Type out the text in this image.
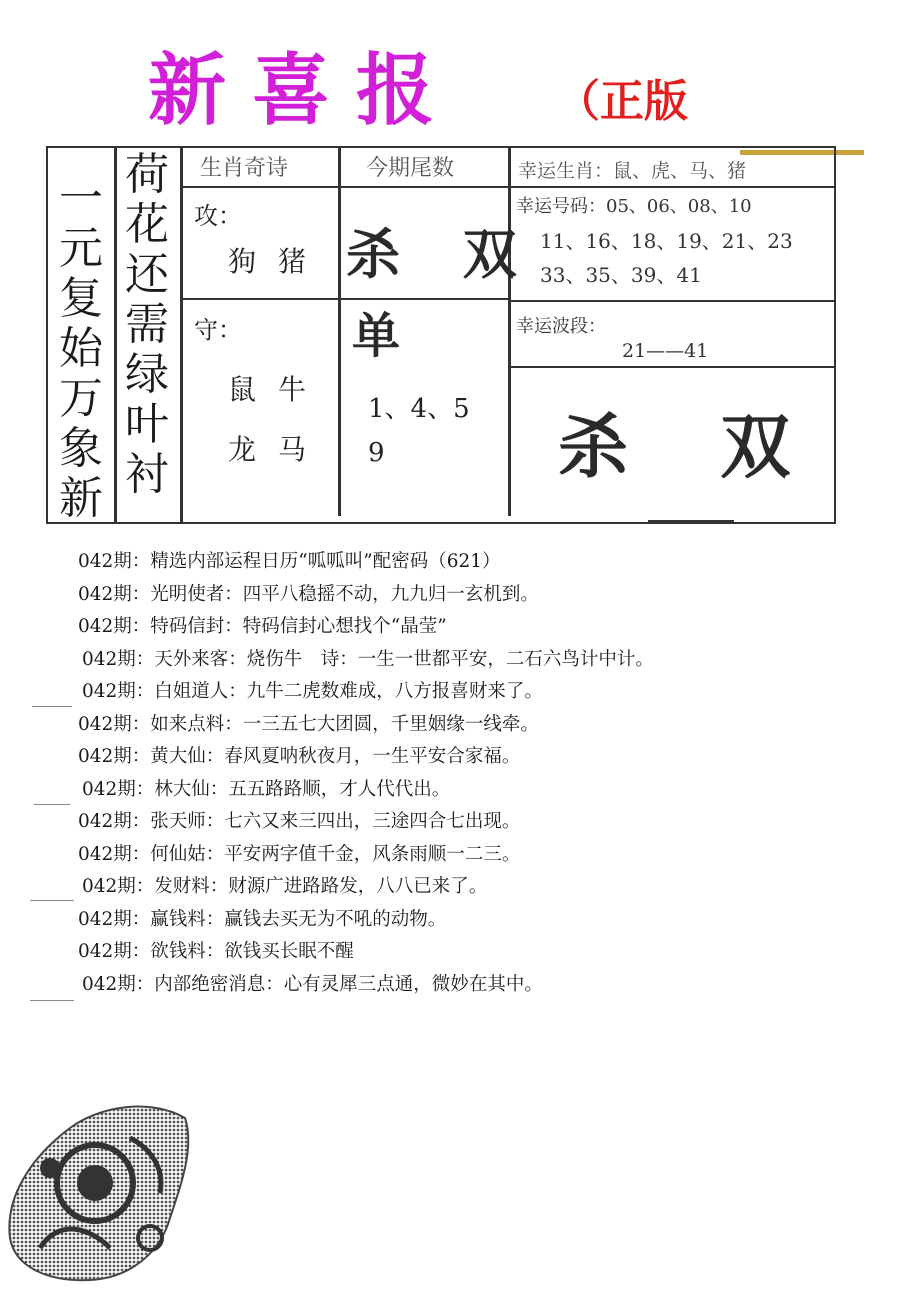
新喜报 （正版
一
元
复
始
万
象
新
荷
花
还
需
绿
叶
衬
生肖奇诗	今期尾数	幸运生肖：鼠、虎、马、猪
攻：
狗猪 杀 双
幸运号码：05、06、08、10
11、16、18、19、21、23
33、35、39、41
守：
鼠牛
龙马
单
1、4、5
9
幸运波段：
21——41
杀 双
042期：精选内部运程日历“呱呱叫”配密码（621）
042期：光明使者：四平八稳摇不动，九九归一玄机到。
042期：特码信封：特码信封心想找个“晶莹”
042期：天外来客：烧伤牛　诗：一生一世都平安，二石六鸟计中计。
042期：白姐道人：九牛二虎数难成，八方报喜财来了。
042期：如来点料：一三五七大团圆，千里姻缘一线牵。
042期：黄大仙：春风夏呐秋夜月，一生平安合家福。
042期：林大仙：五五路路顺，才人代代出。
042期：张天师：七六又来三四出，三途四合七出现。
042期：何仙姑：平安两字值千金，风条雨顺一二三。
042期：发财料：财源广进路路发，八八已来了。
042期：赢钱料：赢钱去买无为不吼的动物。
042期：欲钱料：欲钱买长眠不醒
042期：内部绝密消息：心有灵犀三点通，微妙在其中。
